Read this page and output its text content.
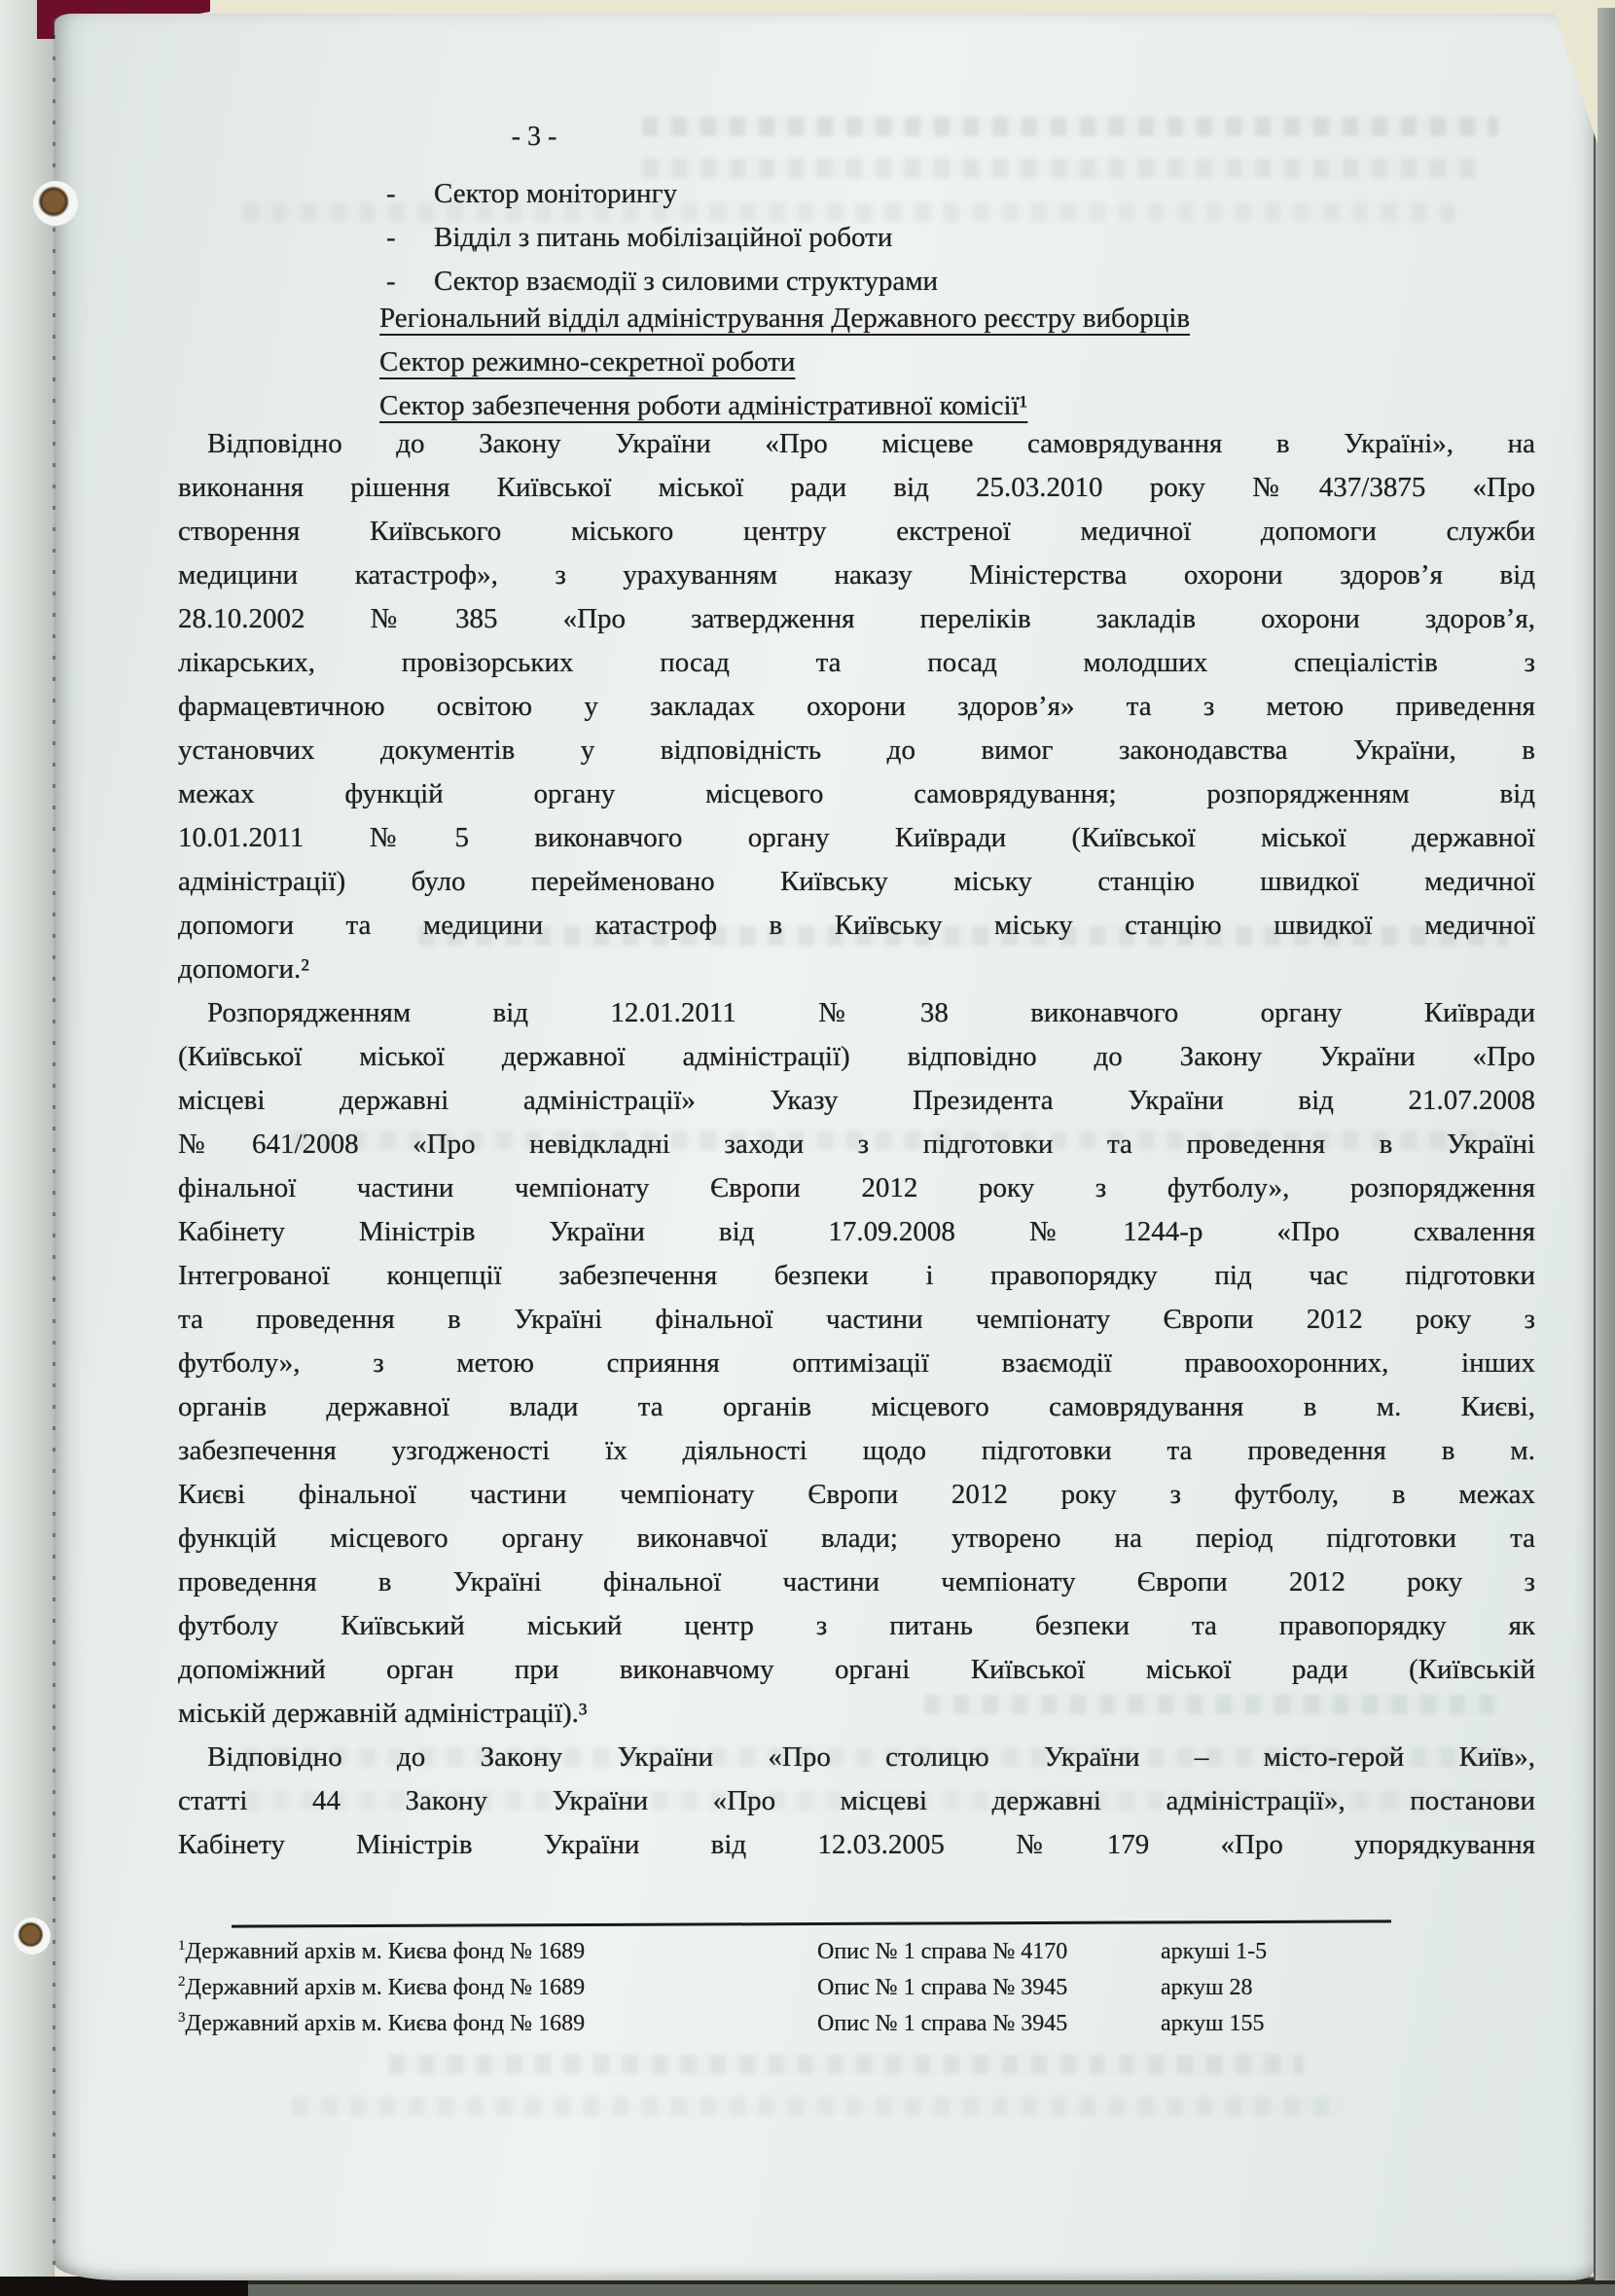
- 3 -
- Сектор моніторингу
- Відділ з питань мобілізаційної роботи
- Сектор взаємодії з силовими структурами
Регіональний відділ адміністрування Державного реєстру виборців
Сектор режимно-секретної роботи
Сектор забезпечення роботи адміністративної комісії¹
Відповідно до Закону України «Про місцеве самоврядування в Україні», на
виконання рішення Київської міської ради від 25.03.2010 року №437/3875 «Про
створення Київського міського центру екстреної медичної допомоги служби
медицини катастроф», з урахуванням наказу Міністерства охорони здоров’я від
28.10.2002 №385 «Про затвердження переліків закладів охорони здоров’я,
лікарських, провізорських посад та посад молодших спеціалістів з
фармацевтичною освітою у закладах охорони здоров’я» та з метою приведення
установчих документів у відповідність до вимог законодавства України, в
межах функцій органу місцевого самоврядування; розпорядженням від
10.01.2011 №5 виконавчого органу Київради (Київської міської державної
адміністрації) було перейменовано Київську міську станцію швидкої медичної
допомоги та медицини катастроф в Київську міську станцію швидкої медичної
допомоги.²
Розпорядженням від 12.01.2011 №38 виконавчого органу Київради
(Київської міської державної адміністрації) відповідно до Закону України «Про
місцеві державні адміністрації» Указу Президента України від 21.07.2008
№641/2008 «Про невідкладні заходи з підготовки та проведення в Україні
фінальної частини чемпіонату Європи 2012 року з футболу», розпорядження
Кабінету Міністрів України від 17.09.2008 №1244-р «Про схвалення
Інтегрованої концепції забезпечення безпеки і правопорядку під час підготовки
та проведення в Україні фінальної частини чемпіонату Європи 2012 року з
футболу», з метою сприяння оптимізації взаємодії правоохоронних, інших
органів державної влади та органів місцевого самоврядування в м. Києві,
забезпечення узгодженості їх діяльності щодо підготовки та проведення в м.
Києві фінальної частини чемпіонату Європи 2012 року з футболу, в межах
функцій місцевого органу виконавчої влади; утворено на період підготовки та
проведення в Україні фінальної частини чемпіонату Європи 2012 року з
футболу Київський міський центр з питань безпеки та правопорядку як
допоміжний орган при виконавчому органі Київської міської ради (Київській
міській державній адміністрації).³
Відповідно до Закону України «Про столицю України – місто-герой Київ»,
статті 44 Закону України «Про місцеві державні адміністрації», постанови
Кабінету Міністрів України від 12.03.2005 №179 «Про упорядкування
$^1$Державний архів м. Києва фонд № 1689	Опис № 1 справа № 4170	аркуші 1-5
$^2$Державний архів м. Києва фонд № 1689	Опис № 1 справа № 3945	аркуш 28
$^3$Державний архів м. Києва фонд № 1689	Опис № 1 справа № 3945	аркуш 155
